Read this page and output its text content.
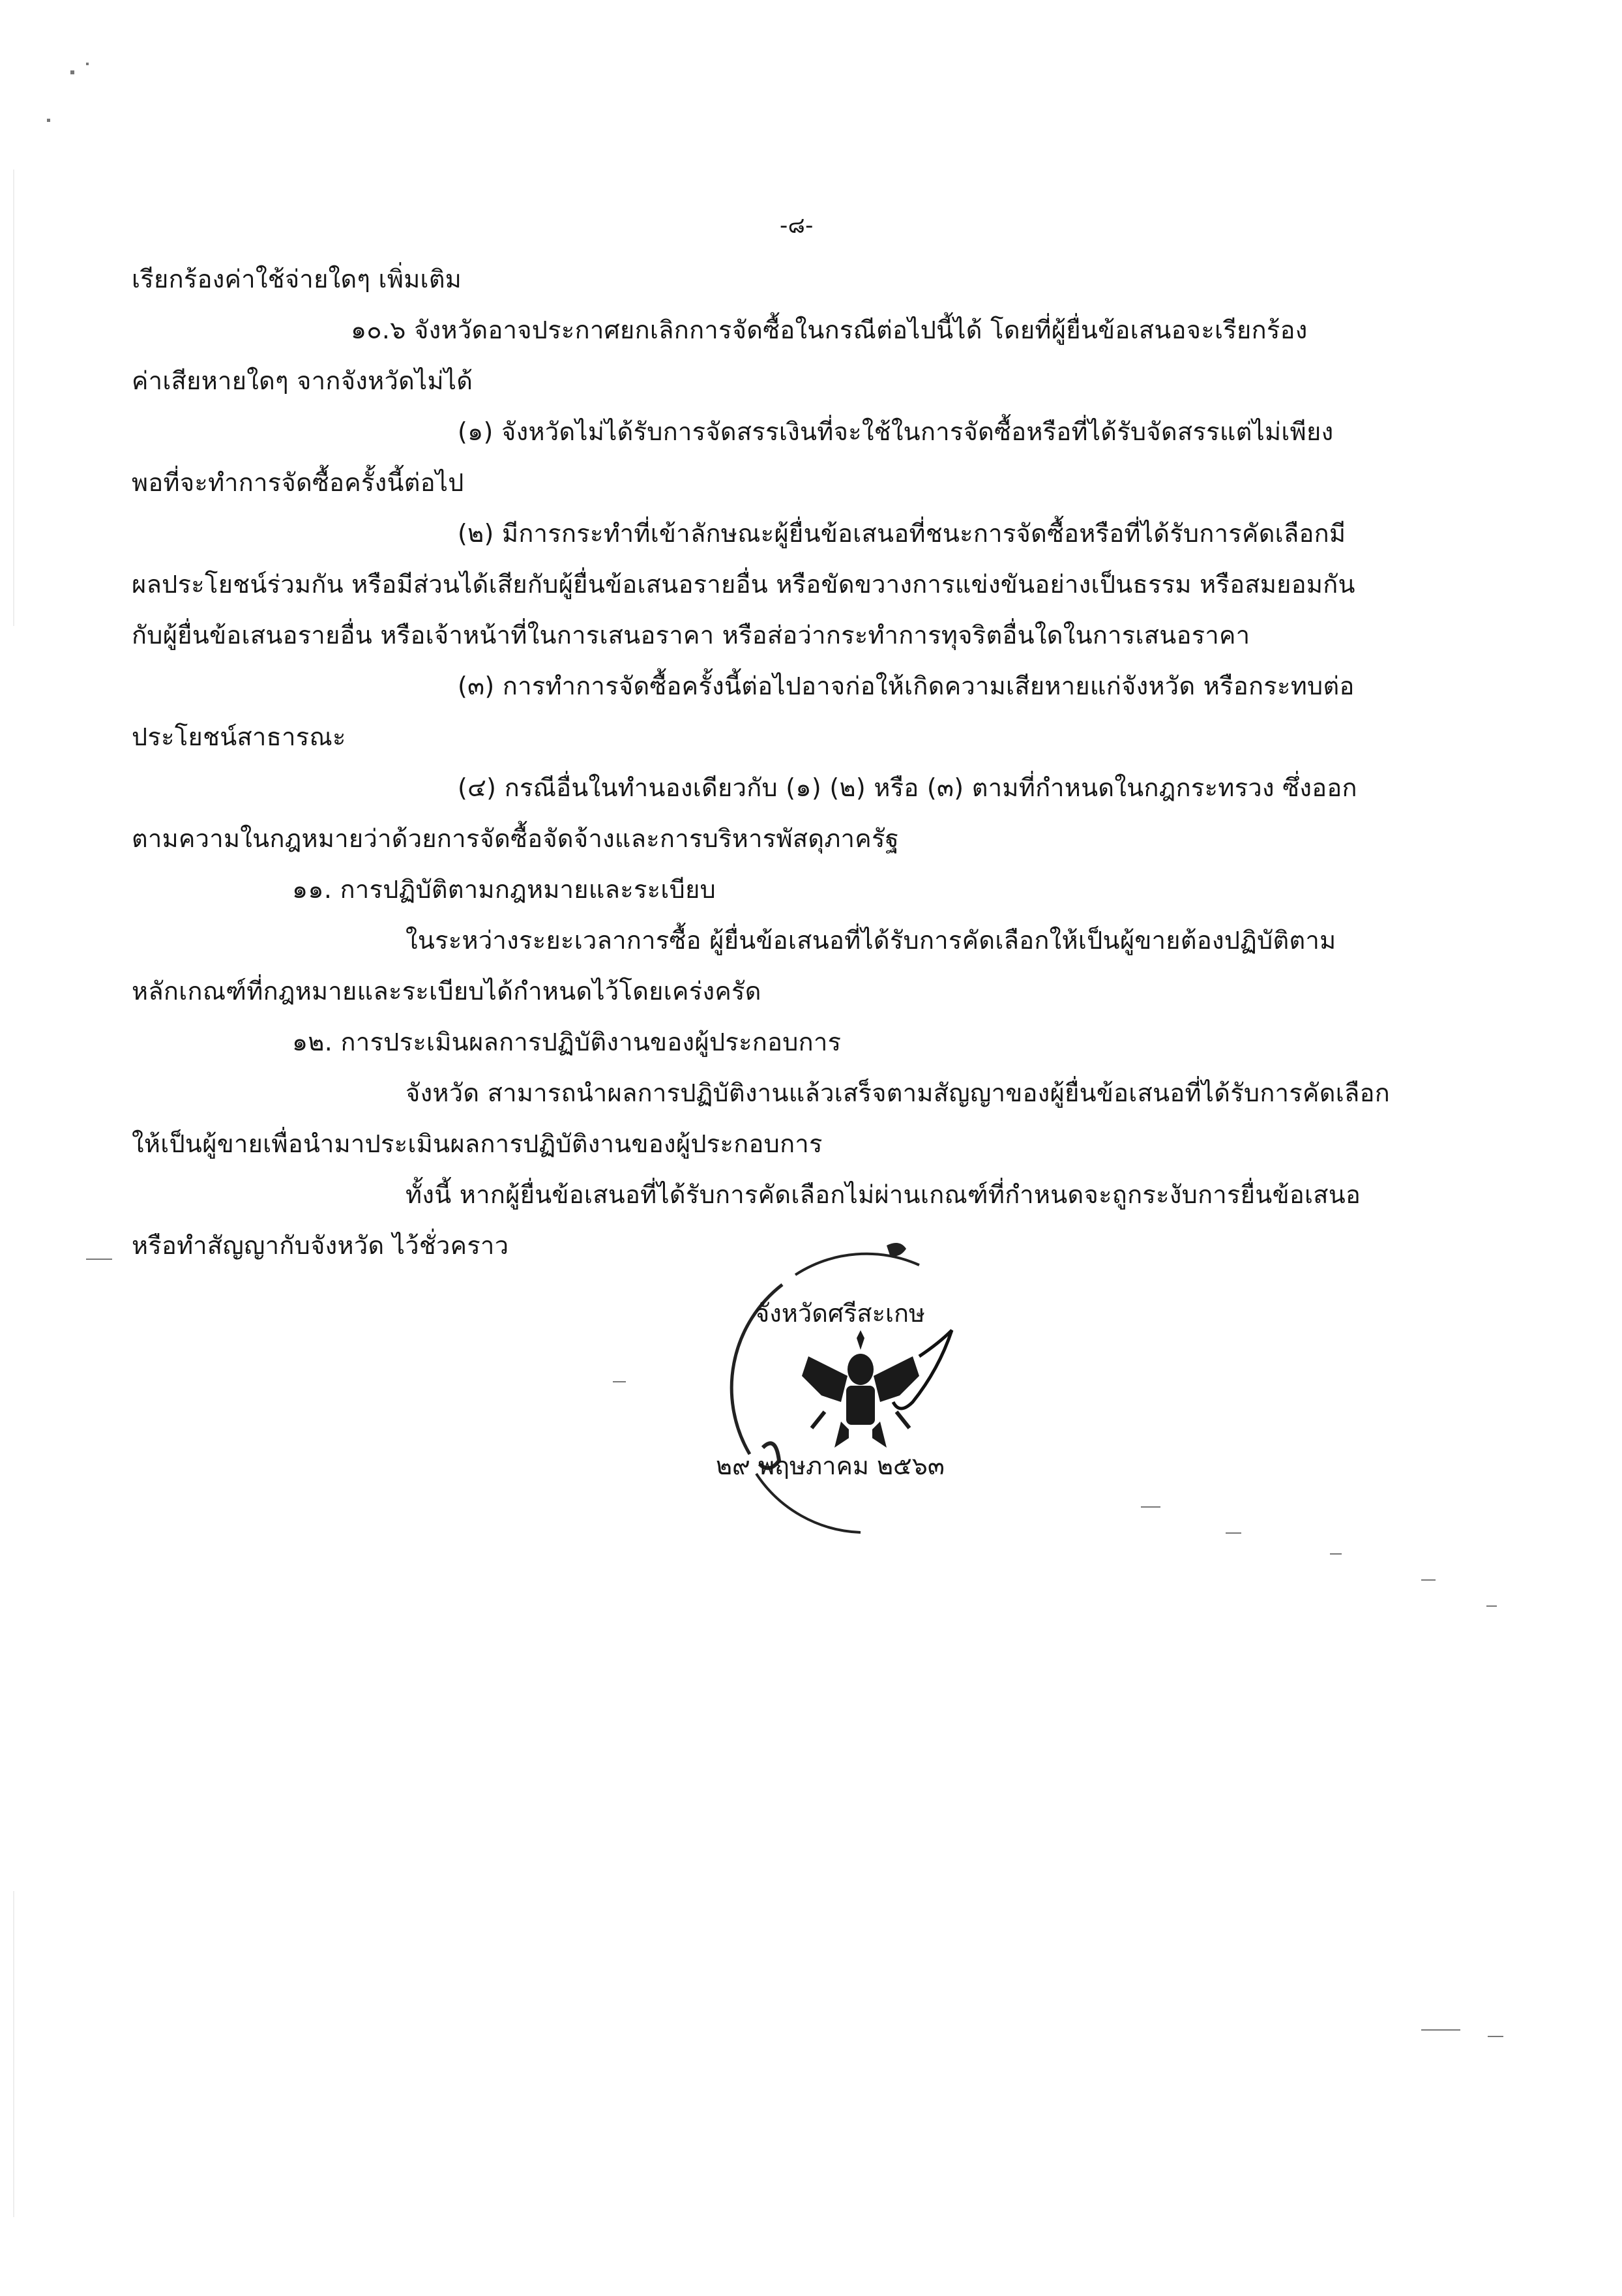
-๘-
เรียกร้องค่าใช้จ่ายใดๆ เพิ่มเติม
๑๐.๖ จังหวัดอาจประกาศยกเลิกการจัดซื้อในกรณีต่อไปนี้ได้ โดยที่ผู้ยื่นข้อเสนอจะเรียกร้อง
ค่าเสียหายใดๆ จากจังหวัดไม่ได้
(๑) จังหวัดไม่ได้รับการจัดสรรเงินที่จะใช้ในการจัดซื้อหรือที่ได้รับจัดสรรแต่ไม่เพียง
พอที่จะทำการจัดซื้อครั้งนี้ต่อไป
(๒) มีการกระทำที่เข้าลักษณะผู้ยื่นข้อเสนอที่ชนะการจัดซื้อหรือที่ได้รับการคัดเลือกมี
ผลประโยชน์ร่วมกัน หรือมีส่วนได้เสียกับผู้ยื่นข้อเสนอรายอื่น หรือขัดขวางการแข่งขันอย่างเป็นธรรม หรือสมยอมกัน
กับผู้ยื่นข้อเสนอรายอื่น หรือเจ้าหน้าที่ในการเสนอราคา หรือส่อว่ากระทำการทุจริตอื่นใดในการเสนอราคา
(๓) การทำการจัดซื้อครั้งนี้ต่อไปอาจก่อให้เกิดความเสียหายแก่จังหวัด หรือกระทบต่อ
ประโยชน์สาธารณะ
(๔) กรณีอื่นในทำนองเดียวกับ (๑) (๒) หรือ (๓) ตามที่กำหนดในกฎกระทรวง ซึ่งออก
ตามความในกฎหมายว่าด้วยการจัดซื้อจัดจ้างและการบริหารพัสดุภาครัฐ
๑๑. การปฏิบัติตามกฎหมายและระเบียบ
ในระหว่างระยะเวลาการซื้อ ผู้ยื่นข้อเสนอที่ได้รับการคัดเลือกให้เป็นผู้ขายต้องปฏิบัติตาม
หลักเกณฑ์ที่กฎหมายและระเบียบได้กำหนดไว้โดยเคร่งครัด
๑๒. การประเมินผลการปฏิบัติงานของผู้ประกอบการ
จังหวัด สามารถนำผลการปฏิบัติงานแล้วเสร็จตามสัญญาของผู้ยื่นข้อเสนอที่ได้รับการคัดเลือก
ให้เป็นผู้ขายเพื่อนำมาประเมินผลการปฏิบัติงานของผู้ประกอบการ
ทั้งนี้ หากผู้ยื่นข้อเสนอที่ได้รับการคัดเลือกไม่ผ่านเกณฑ์ที่กำหนดจะถูกระงับการยื่นข้อเสนอ
หรือทำสัญญากับจังหวัด ไว้ชั่วคราว
จังหวัดศรีสะเกษ
๒๙ พฤษภาคม ๒๕๖๓
